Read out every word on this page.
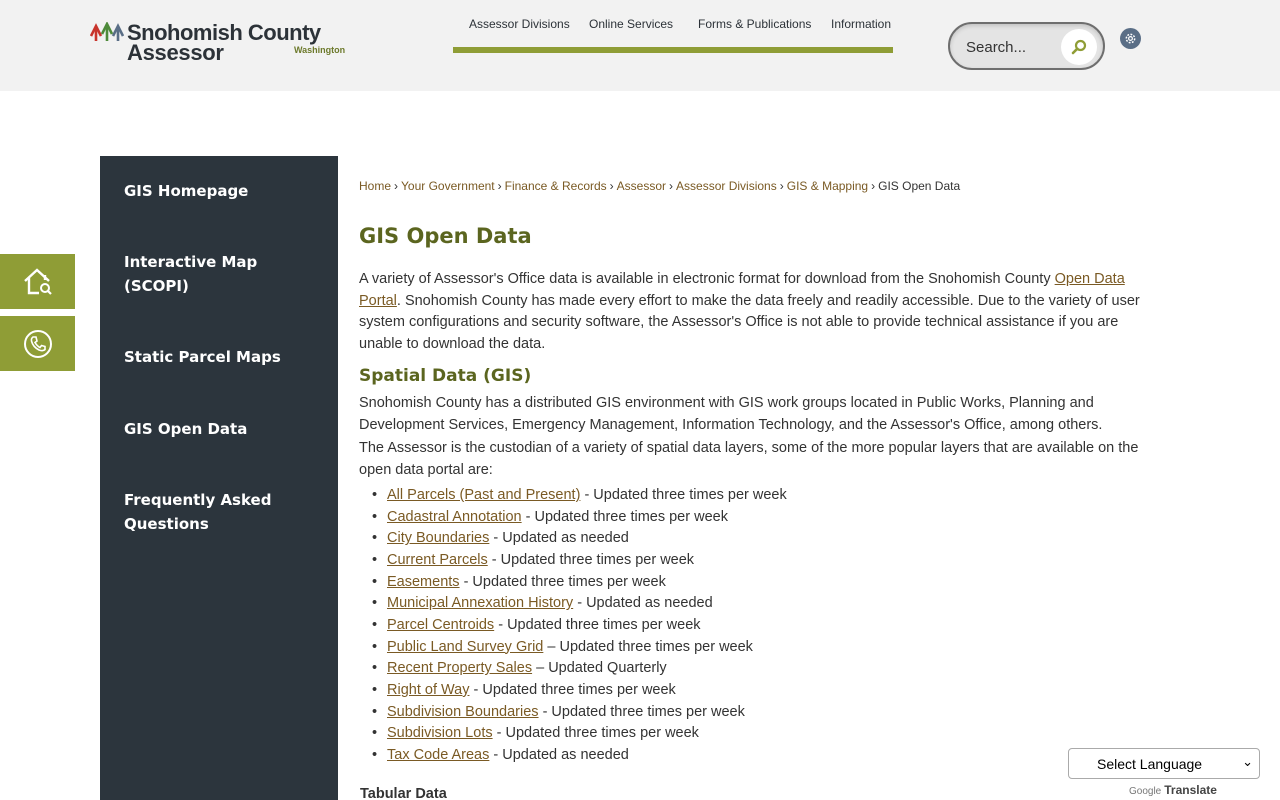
Snohomish County
Assessor	Washington
Assessor Divisions Online Services Forms & Publications Information
Search...
GIS Homepage
Interactive Map (SCOPI)
Static Parcel Maps
GIS Open Data
Frequently Asked Questions
Home › Your Government › Finance & Records › Assessor › Assessor Divisions › GIS & Mapping › GIS Open Data
GIS Open Data

A variety of Assessor's Office data is available in electronic format for download from the Snohomish County Open Data Portal. Snohomish County has made every effort to make the data freely and readily accessible. Due to the variety of user system configurations and security software, the Assessor's Office is not able to provide technical assistance if you are unable to download the data.

Spatial Data (GIS)

Snohomish County has a distributed GIS environment with GIS work groups located in Public Works, Planning and Development Services, Emergency Management, Information Technology, and the Assessor's Office, among others.

The Assessor is the custodian of a variety of spatial data layers, some of the more popular layers that are available on the open data portal are:

• All Parcels (Past and Present) - Updated three times per week
• Cadastral Annotation - Updated three times per week
• City Boundaries - Updated as needed
• Current Parcels - Updated three times per week
• Easements - Updated three times per week
• Municipal Annexation History - Updated as needed
• Parcel Centroids - Updated three times per week
• Public Land Survey Grid – Updated three times per week
• Recent Property Sales – Updated Quarterly
• Right of Way - Updated three times per week
• Subdivision Boundaries - Updated three times per week
• Subdivision Lots - Updated three times per week
• Tax Code Areas - Updated as needed
Tabular Data
Select Language	⌄
Google Translate
